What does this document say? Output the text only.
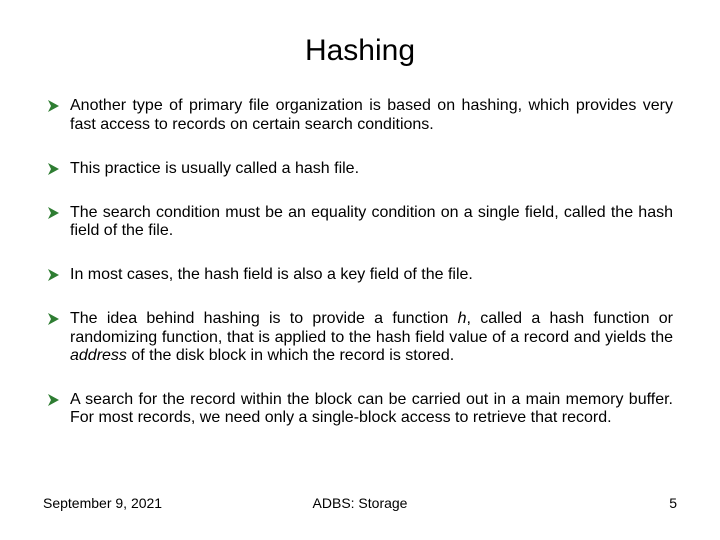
Hashing
Another type of primary file organization is based on hashing, which provides very fast access to records on certain search conditions.
This practice is usually called a hash file.
The search condition must be an equality condition on a single field, called the hash field of the file.
In most cases, the hash field is also a key field of the file.
The idea behind hashing is to provide a function h, called a hash function or randomizing function, that is applied to the hash field value of a record and yields the address of the disk block in which the record is stored.
A search for the record within the block can be carried out in a main memory buffer. For most records, we need only a single-block access to retrieve that record.
September 9, 2021	ADBS: Storage	5
